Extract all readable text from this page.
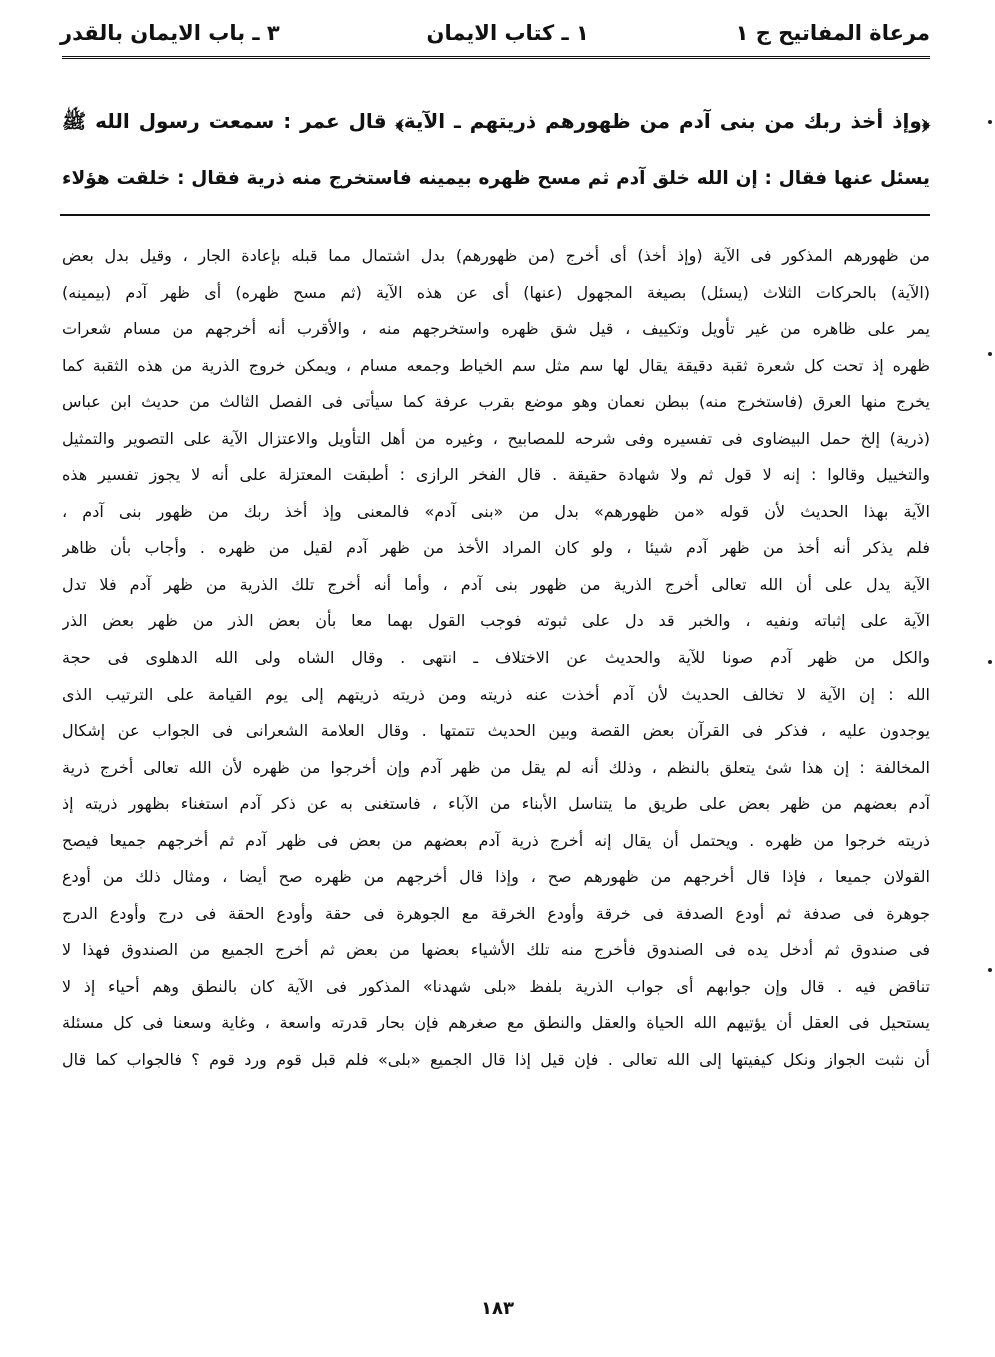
مرعاة المفاتيح ج ١
١ ـ كتاب الايمان
٣ ـ باب الايمان بالقدر
﴿وإذ أخذ ربك من بنى آدم من ظهورهم ذريتهم ـ الآية﴾ قال عمر : سمعت رسول الله ﷺ
يسئل عنها فقال : إن الله خلق آدم ثم مسح ظهره بيمينه فاستخرج منه ذرية فقال : خلقت هؤلاء
من ظهورهم المذكور فى الآية (وإذ أخذ) أى أخرج (من ظهورهم) بدل اشتمال مما قبله بإعادة الجار ، وقيل بدل بعض
(الآية) بالحركات الثلاث (يسئل) بصيغة المجهول (عنها) أى عن هذه الآية (ثم مسح ظهره) أى ظهر آدم (بيمينه)
يمر على ظاهره من غير تأويل وتكييف ، قيل شق ظهره واستخرجهم منه ، والأقرب أنه أخرجهم من مسام شعرات
ظهره إذ تحت كل شعرة ثقبة دقيقة يقال لها سم مثل سم الخياط وجمعه مسام ، ويمكن خروج الذرية من هذه الثقبة كما
يخرج منها العرق (فاستخرج منه) ببطن نعمان وهو موضع بقرب عرفة كما سيأتى فى الفصل الثالث من حديث ابن عباس
(ذرية) إلخ حمل البيضاوى فى تفسيره وفى شرحه للمصابيح ، وغيره من أهل التأويل والاعتزال الآية على التصوير والتمثيل
والتخييل وقالوا : إنه لا قول ثم ولا شهادة حقيقة . قال الفخر الرازى : أطبقت المعتزلة على أنه لا يجوز تفسير هذه
الآية بهذا الحديث لأن قوله «من ظهورهم» بدل من «بنى آدم» فالمعنى وإذ أخذ ربك من ظهور بنى آدم ،
فلم يذكر أنه أخذ من ظهر آدم شيئا ، ولو كان المراد الأخذ من ظهر آدم لقيل من ظهره . وأجاب بأن ظاهر
الآية يدل على أن الله تعالى أخرج الذرية من ظهور بنى آدم ، وأما أنه أخرج تلك الذرية من ظهر آدم فلا تدل
الآية على إثباته ونفيه ، والخبر قد دل على ثبوته فوجب القول بهما معا بأن بعض الذر من ظهر بعض الذر
والكل من ظهر آدم صونا للآية والحديث عن الاختلاف ـ انتهى . وقال الشاه ولى الله الدهلوى فى حجة
الله : إن الآية لا تخالف الحديث لأن آدم أخذت عنه ذريته ومن ذريته ذريتهم إلى يوم القيامة على الترتيب الذى
يوجدون عليه ، فذكر فى القرآن بعض القصة وبين الحديث تتمتها . وقال العلامة الشعرانى فى الجواب عن إشكال
المخالفة : إن هذا شئ يتعلق بالنظم ، وذلك أنه لم يقل من ظهر آدم وإن أخرجوا من ظهره لأن الله تعالى أخرج ذرية
آدم بعضهم من ظهر بعض على طريق ما يتناسل الأبناء من الآباء ، فاستغنى به عن ذكر آدم استغناء بظهور ذريته إذ
ذريته خرجوا من ظهره . ويحتمل أن يقال إنه أخرج ذرية آدم بعضهم من بعض فى ظهر آدم ثم أخرجهم جميعا فيصح
القولان جميعا ، فإذا قال أخرجهم من ظهورهم صح ، وإذا قال أخرجهم من ظهره صح أيضا ، ومثال ذلك من أودع
جوهرة فى صدفة ثم أودع الصدفة فى خرقة وأودع الخرقة مع الجوهرة فى حقة وأودع الحقة فى درج وأودع الدرج
فى صندوق ثم أدخل يده فى الصندوق فأخرج منه تلك الأشياء بعضها من بعض ثم أخرج الجميع من الصندوق فهذا لا
تناقض فيه . قال وإن جوابهم أى جواب الذرية بلفظ «بلى شهدنا» المذكور فى الآية كان بالنطق وهم أحياء إذ لا
يستحيل فى العقل أن يؤتيهم الله الحياة والعقل والنطق مع صغرهم فإن بحار قدرته واسعة ، وغاية وسعنا فى كل مسئلة
أن نثبت الجواز ونكل كيفيتها إلى الله تعالى . فإن قيل إذا قال الجميع «بلى» فلم قبل قوم ورد قوم ؟ فالجواب كما قال
١٨٣
